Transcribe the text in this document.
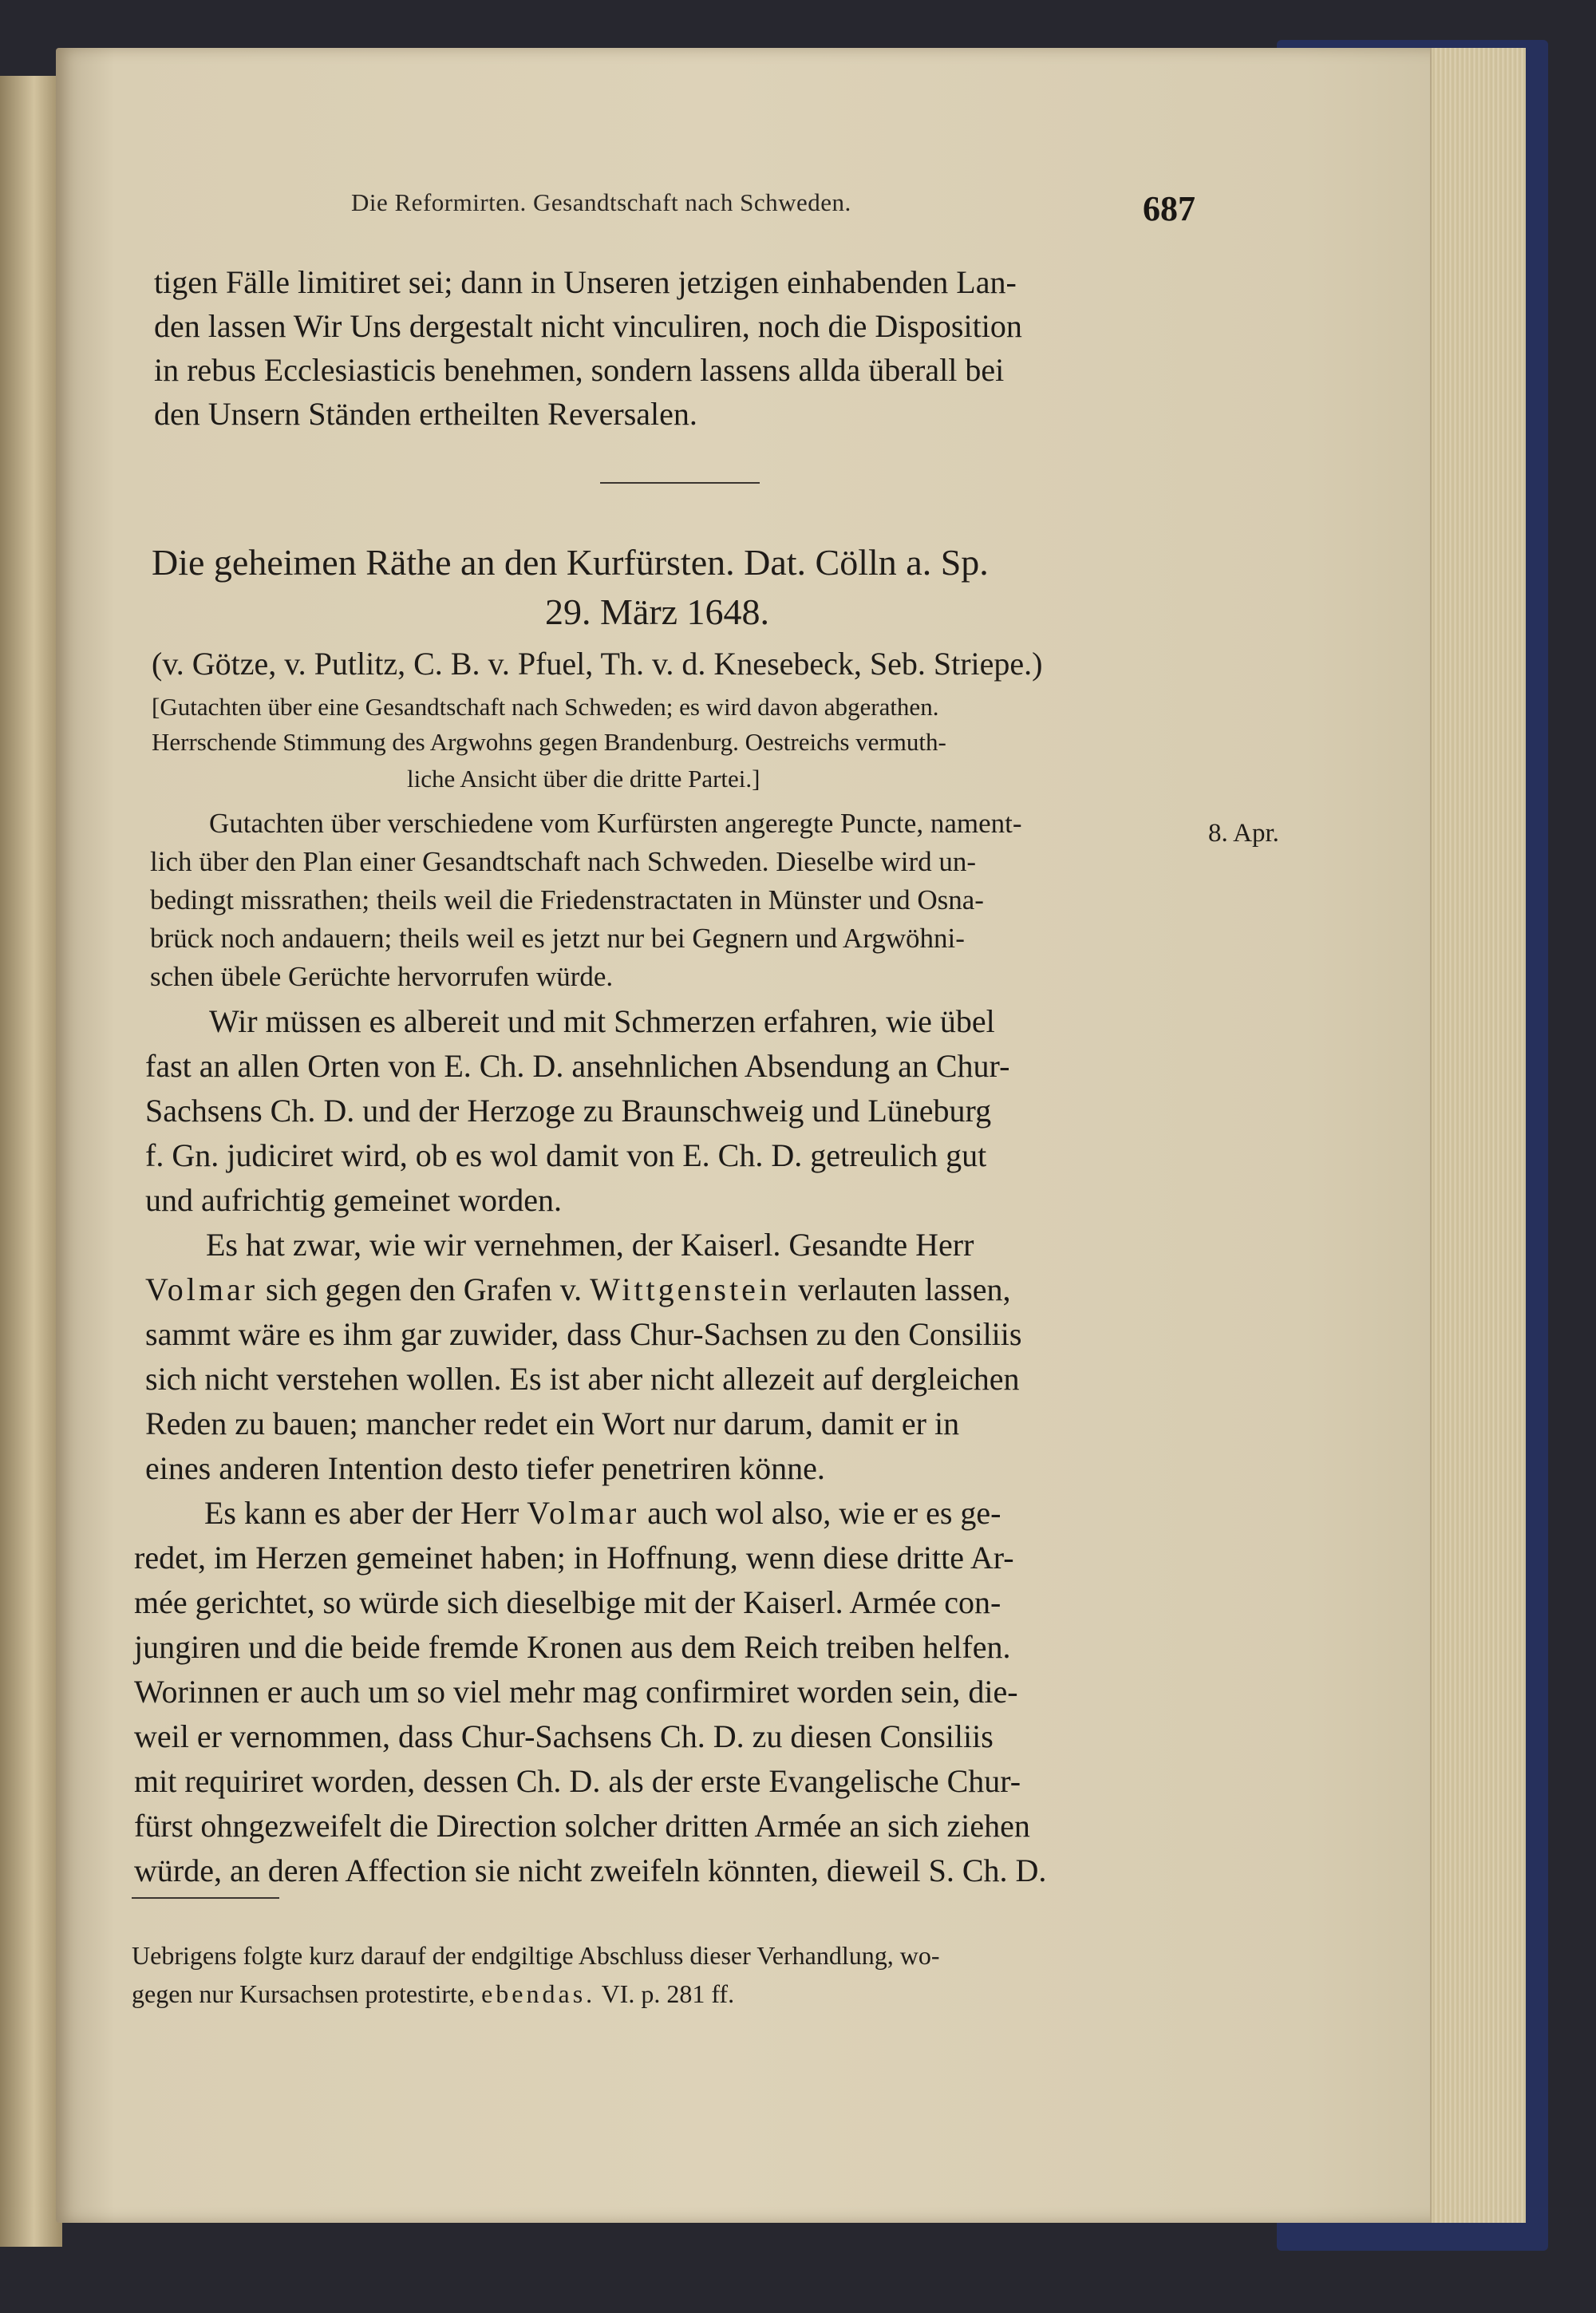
Die Reformirten. Gesandtschaft nach Schweden.	687
tigen Fälle limitiret sei; dann in Unseren jetzigen einhabenden Lan-
den lassen Wir Uns dergestalt nicht vinculiren, noch die Disposition
in rebus Ecclesiasticis benehmen, sondern lassens allda überall bei
den Unsern Ständen ertheilten Reversalen.
Die geheimen Räthe an den Kurfürsten. Dat. Cölln a. Sp.
29. März 1648.
(v. Götze, v. Putlitz, C. B. v. Pfuel, Th. v. d. Knesebeck, Seb. Striepe.)
[Gutachten über eine Gesandtschaft nach Schweden; es wird davon abgerathen.
Herrschende Stimmung des Argwohns gegen Brandenburg. Oestreichs vermuth-
liche Ansicht über die dritte Partei.]
Gutachten über verschiedene vom Kurfürsten angeregte Puncte, nament-
lich über den Plan einer Gesandtschaft nach Schweden. Dieselbe wird un-
bedingt missrathen; theils weil die Friedenstractaten in Münster und Osna-
brück noch andauern; theils weil es jetzt nur bei Gegnern und Argwöhni-
schen übele Gerüchte hervorrufen würde.
8. Apr.
Wir müssen es albereit und mit Schmerzen erfahren, wie übel
fast an allen Orten von E. Ch. D. ansehnlichen Absendung an Chur-
Sachsens Ch. D. und der Herzoge zu Braunschweig und Lüneburg
f. Gn. judiciret wird, ob es wol damit von E. Ch. D. getreulich gut
und aufrichtig gemeinet worden.
Es hat zwar, wie wir vernehmen, der Kaiserl. Gesandte Herr
Volmar sich gegen den Grafen v. Wittgenstein verlauten lassen,
sammt wäre es ihm gar zuwider, dass Chur-Sachsen zu den Consiliis
sich nicht verstehen wollen. Es ist aber nicht allezeit auf dergleichen
Reden zu bauen; mancher redet ein Wort nur darum, damit er in
eines anderen Intention desto tiefer penetriren könne.
Es kann es aber der Herr Volmar auch wol also, wie er es ge-
redet, im Herzen gemeinet haben; in Hoffnung, wenn diese dritte Ar-
mée gerichtet, so würde sich dieselbige mit der Kaiserl. Armée con-
jungiren und die beide fremde Kronen aus dem Reich treiben helfen.
Worinnen er auch um so viel mehr mag confirmiret worden sein, die-
weil er vernommen, dass Chur-Sachsens Ch. D. zu diesen Consiliis
mit requiriret worden, dessen Ch. D. als der erste Evangelische Chur-
fürst ohngezweifelt die Direction solcher dritten Armée an sich ziehen
würde, an deren Affection sie nicht zweifeln könnten, dieweil S. Ch. D.
Uebrigens folgte kurz darauf der endgiltige Abschluss dieser Verhandlung, wo-
gegen nur Kursachsen protestirte, ebendas. VI. p. 281 ff.
